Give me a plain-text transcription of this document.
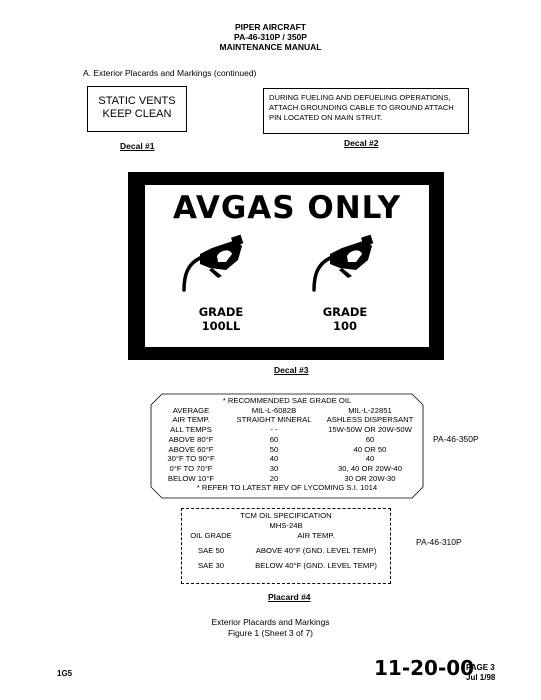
PIPER AIRCRAFT
PA-46-310P / 350P
MAINTENANCE MANUAL
A. Exterior Placards and Markings (continued)
STATIC VENTS
KEEP CLEAN
Decal #1
DURING FUELING AND DEFUELING OPERATIONS,
ATTACH GROUNDING CABLE TO GROUND ATTACH
PIN LOCATED ON MAIN STRUT.
Decal #2
AVGAS ONLY
GRADE
100LL
GRADE
100
Decal #3
* RECOMMENDED SAE GRADE OIL
AVERAGE	MIL-L-6082B	MIL-L-22851
AIR TEMP.	STRAIGHT MINERAL	ASHLESS DISPERSANT
ALL TEMPS	- -	15W-50W OR 20W-50W
ABOVE 80°F	60	60
ABOVE 60°F	50	40 OR 50
30°F TO 90°F	40	40
0°F TO 70°F	30	30, 40 OR 20W-40
BELOW 10°F	20	30 OR 20W-30
* REFER TO LATEST REV OF LYCOMING S.I. 1014
PA-46-350P
TCM OIL SPECIFICATION
MHS-24B
OIL GRADE	AIR TEMP.
SAE 50	ABOVE 40°F (GND. LEVEL TEMP)
SAE 30	BELOW 40°F (GND. LEVEL TEMP)
PA-46-310P
Placard #4
Exterior Placards and Markings
Figure 1 (Sheet 3 of 7)
1G5	11-20-00
PAGE 3
Jul 1/98
